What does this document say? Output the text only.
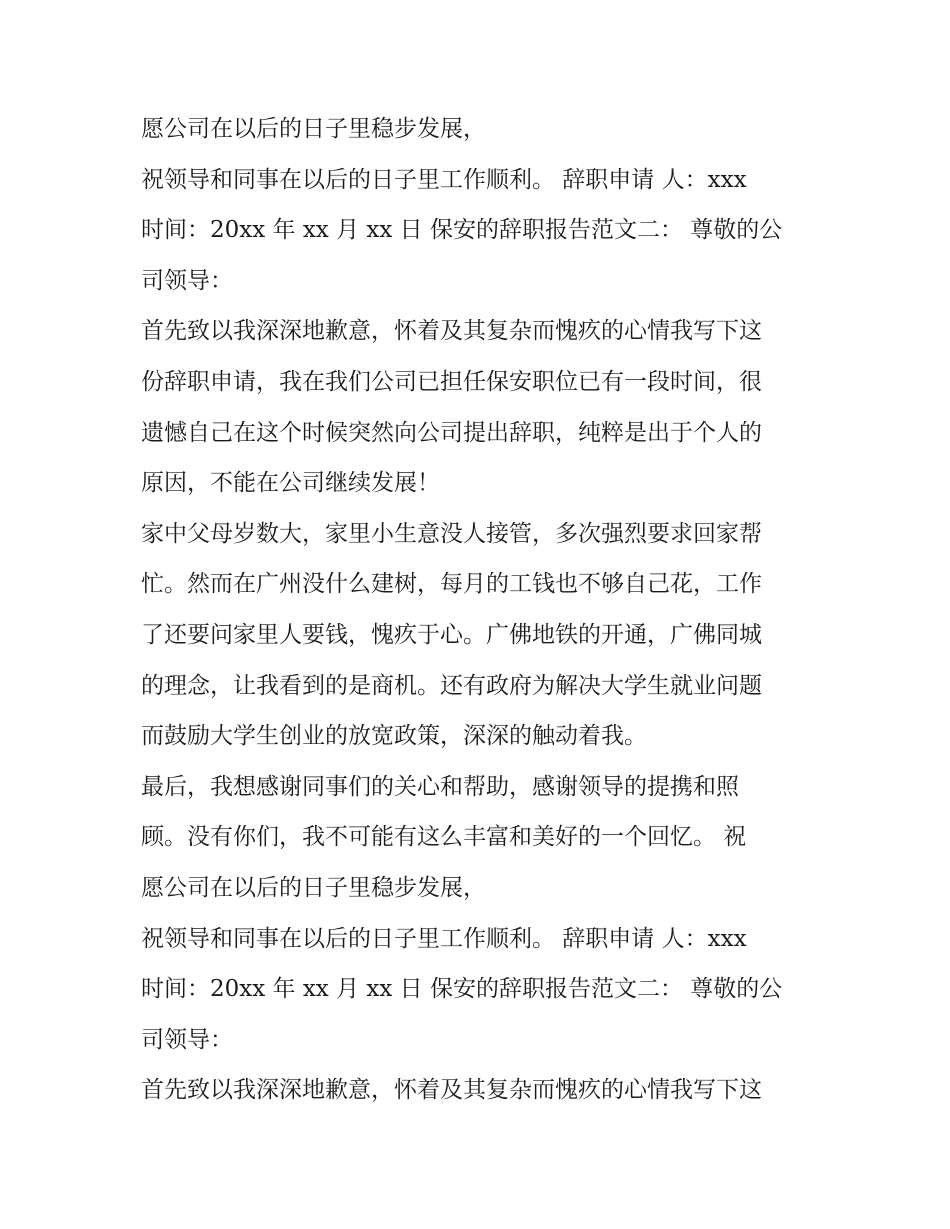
愿公司在以后的日子里稳步发展，
祝领导和同事在以后的日子里工作顺利。 辞职申请 人：xxx
时间：20xx 年 xx 月 xx 日 保安的辞职报告范文二： 尊敬的公
司领导：
首先致以我深深地歉意，怀着及其复杂而愧疚的心情我写下这
份辞职申请，我在我们公司已担任保安职位已有一段时间，很
遗憾自己在这个时候突然向公司提出辞职，纯粹是出于个人的
原因，不能在公司继续发展！
家中父母岁数大，家里小生意没人接管，多次强烈要求回家帮
忙。然而在广州没什么建树，每月的工钱也不够自己花，工作
了还要问家里人要钱，愧疚于心。广佛地铁的开通，广佛同城
的理念，让我看到的是商机。还有政府为解决大学生就业问题
而鼓励大学生创业的放宽政策，深深的触动着我。
最后，我想感谢同事们的关心和帮助，感谢领导的提携和照
顾。没有你们，我不可能有这么丰富和美好的一个回忆。 祝
愿公司在以后的日子里稳步发展，
祝领导和同事在以后的日子里工作顺利。 辞职申请 人：xxx
时间：20xx 年 xx 月 xx 日 保安的辞职报告范文二： 尊敬的公
司领导：
首先致以我深深地歉意，怀着及其复杂而愧疚的心情我写下这
